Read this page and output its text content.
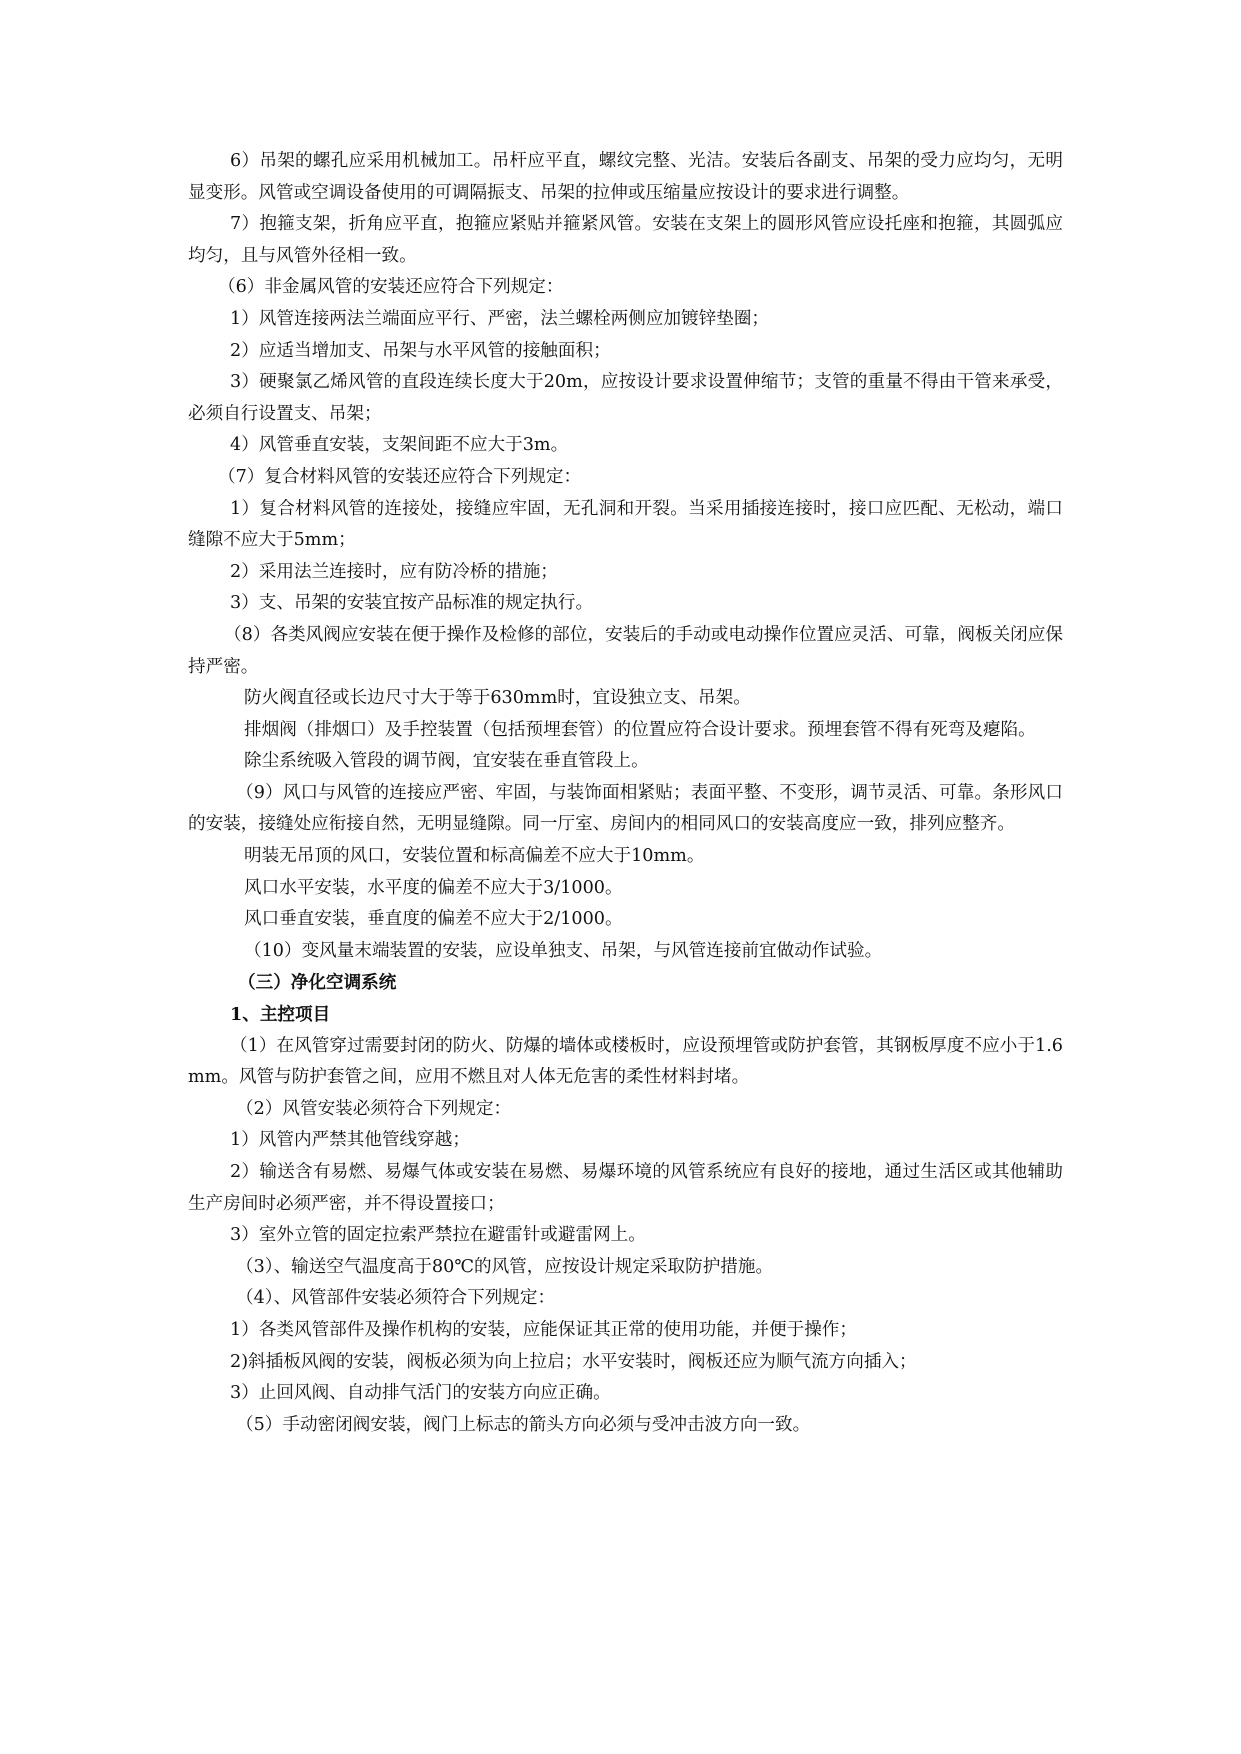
6）吊架的螺孔应采用机械加工。吊杆应平直，螺纹完整、光洁。安装后各副支、吊架的受力应均匀，无明显变形。风管或空调设备使用的可调隔振支、吊架的拉伸或压缩量应按设计的要求进行调整。

7）抱箍支架，折角应平直，抱箍应紧贴并箍紧风管。安装在支架上的圆形风管应设托座和抱箍，其圆弧应均匀，且与风管外径相一致。

（6）非金属风管的安装还应符合下列规定：

1）风管连接两法兰端面应平行、严密，法兰螺栓两侧应加镀锌垫圈；

2）应适当增加支、吊架与水平风管的接触面积；

3）硬聚氯乙烯风管的直段连续长度大于20m，应按设计要求设置伸缩节；支管的重量不得由干管来承受，必须自行设置支、吊架；

4）风管垂直安装，支架间距不应大于3m。

（7）复合材料风管的安装还应符合下列规定：

1）复合材料风管的连接处，接缝应牢固，无孔洞和开裂。当采用插接连接时，接口应匹配、无松动，端口缝隙不应大于5mm；

2）采用法兰连接时，应有防冷桥的措施；

3）支、吊架的安装宜按产品标准的规定执行。

（8）各类风阀应安装在便于操作及检修的部位，安装后的手动或电动操作位置应灵活、可靠，阀板关闭应保持严密。

防火阀直径或长边尺寸大于等于630mm时，宜设独立支、吊架。

排烟阀（排烟口）及手控装置（包括预埋套管）的位置应符合设计要求。预埋套管不得有死弯及瘪陷。

除尘系统吸入管段的调节阀，宜安装在垂直管段上。

（9）风口与风管的连接应严密、牢固，与装饰面相紧贴；表面平整、不变形，调节灵活、可靠。条形风口的安装，接缝处应衔接自然，无明显缝隙。同一厅室、房间内的相同风口的安装高度应一致，排列应整齐。

明装无吊顶的风口，安装位置和标高偏差不应大于10mm。

风口水平安装，水平度的偏差不应大于3/1000。

风口垂直安装，垂直度的偏差不应大于2/1000。

（10）变风量末端装置的安装，应设单独支、吊架，与风管连接前宜做动作试验。

（三）净化空调系统

1、主控项目

（1）在风管穿过需要封闭的防火、防爆的墙体或楼板时，应设预埋管或防护套管，其钢板厚度不应小于1.6mm。风管与防护套管之间，应用不燃且对人体无危害的柔性材料封堵。

（2）风管安装必须符合下列规定：

1）风管内严禁其他管线穿越；

2）输送含有易燃、易爆气体或安装在易燃、易爆环境的风管系统应有良好的接地，通过生活区或其他辅助生产房间时必须严密，并不得设置接口；

3）室外立管的固定拉索严禁拉在避雷针或避雷网上。

（3）、输送空气温度高于80℃的风管，应按设计规定采取防护措施。

（4）、风管部件安装必须符合下列规定：

1）各类风管部件及操作机构的安装，应能保证其正常的使用功能，并便于操作；

2)斜插板风阀的安装，阀板必须为向上拉启；水平安装时，阀板还应为顺气流方向插入；

3）止回风阀、自动排气活门的安装方向应正确。

（5）手动密闭阀安装，阀门上标志的箭头方向必须与受冲击波方向一致。
